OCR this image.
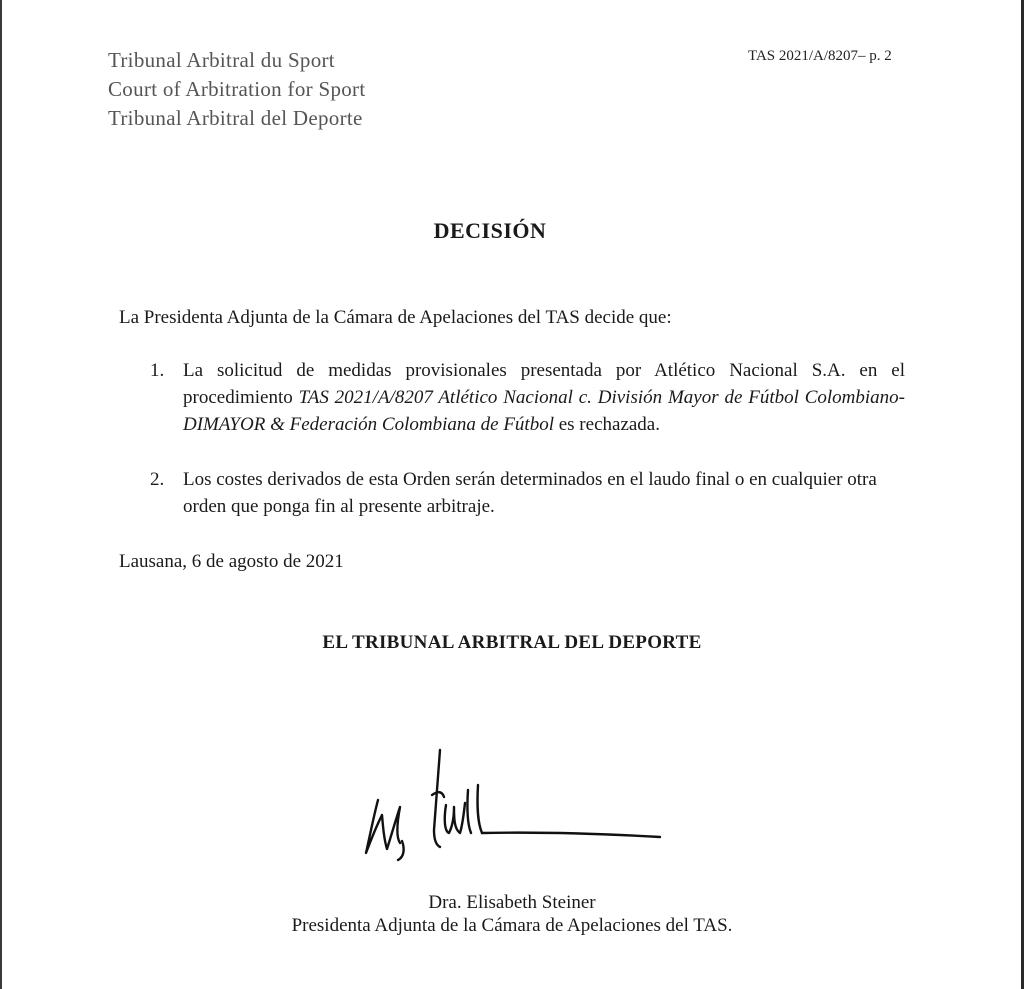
Tribunal Arbitral du Sport
Court of Arbitration for Sport
Tribunal Arbitral del Deporte
TAS 2021/A/8207– p. 2
DECISIÓN
La Presidenta Adjunta de la Cámara de Apelaciones del TAS decide que:
1. La solicitud de medidas provisionales presentada por Atlético Nacional S.A. en el procedimiento TAS 2021/A/8207 Atlético Nacional c. División Mayor de Fútbol Colombiano-DIMAYOR & Federación Colombiana de Fútbol es rechazada.
2. Los costes derivados de esta Orden serán determinados en el laudo final o en cualquier otra orden que ponga fin al presente arbitraje.
Lausana, 6 de agosto de 2021
EL TRIBUNAL ARBITRAL DEL DEPORTE
Dra. Elisabeth Steiner
Presidenta Adjunta de la Cámara de Apelaciones del TAS.
